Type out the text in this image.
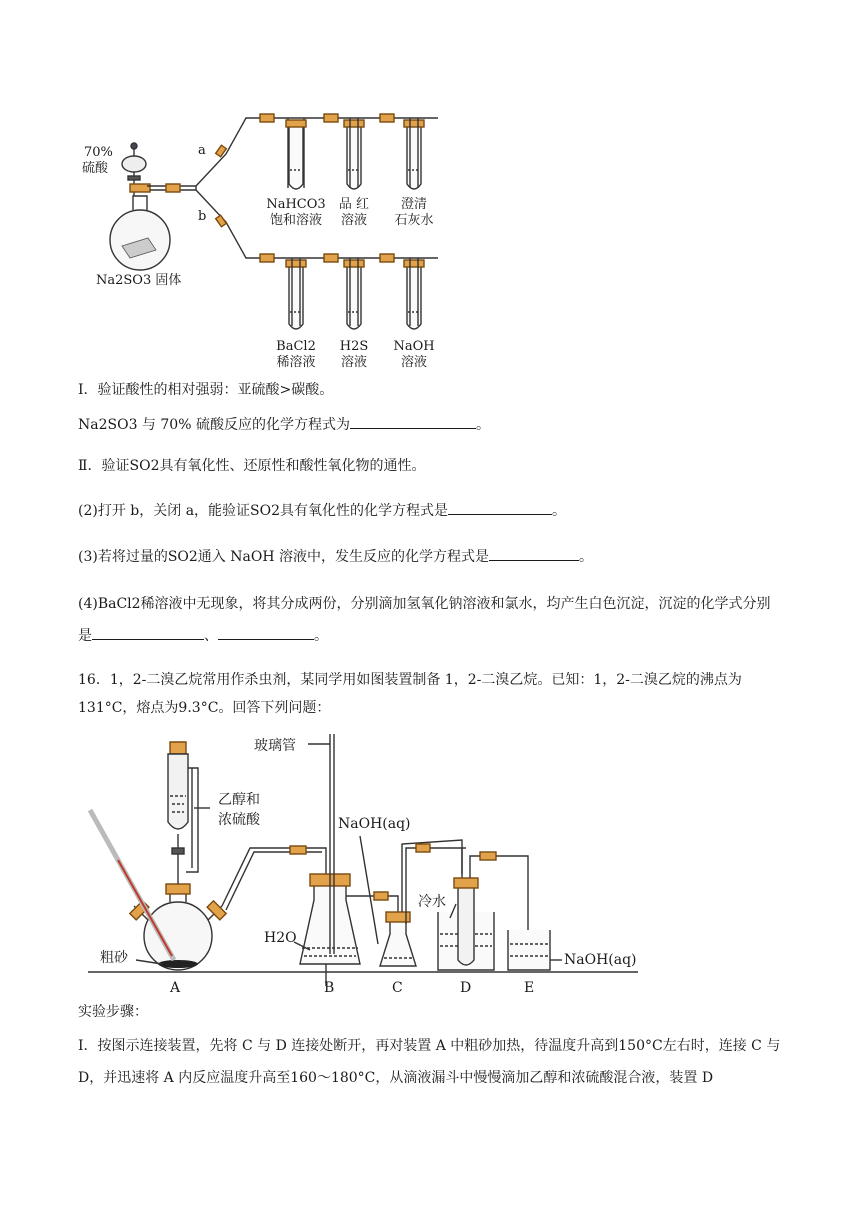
70%
硫酸
a
b
Na2SO3 固体
NaHCO3
饱和溶液
品 红
溶液
澄清
石灰水
BaCl2
稀溶液
H2S
溶液
NaOH
溶液
I．验证酸性的相对强弱：亚硫酸>碳酸。
Na2SO3 与 70% 硫酸反应的化学方程式为	。
Ⅱ．验证SO2具有氧化性、还原性和酸性氧化物的通性。
(2)打开 b，关闭 a，能验证SO2具有氧化性的化学方程式是	。
(3)若将过量的SO2通入 NaOH 溶液中，发生反应的化学方程式是	。
(4)BaCl2稀溶液中无现象，将其分成两份，分别滴加氢氧化钠溶液和氯水，均产生白色沉淀，沉淀的化学式分别是	、	。
16．1，2-二溴乙烷常用作杀虫剂，某同学用如图装置制备 1，2-二溴乙烷。已知：1，2-二溴乙烷的沸点为131°C，熔点为9.3°C。回答下列问题：
玻璃管
乙醇和
浓硫酸	NaOH(aq)
H2O
冷水
NaOH(aq)
粗砂
A	B	C	D	E
实验步骤：
I．按图示连接装置，先将 C 与 D 连接处断开，再对装置 A 中粗砂加热，待温度升高到150°C左右时，连接 C 与 D，并迅速将 A 内反应温度升高至160～180°C，从滴液漏斗中慢慢滴加乙醇和浓硫酸混合液，装置 D
